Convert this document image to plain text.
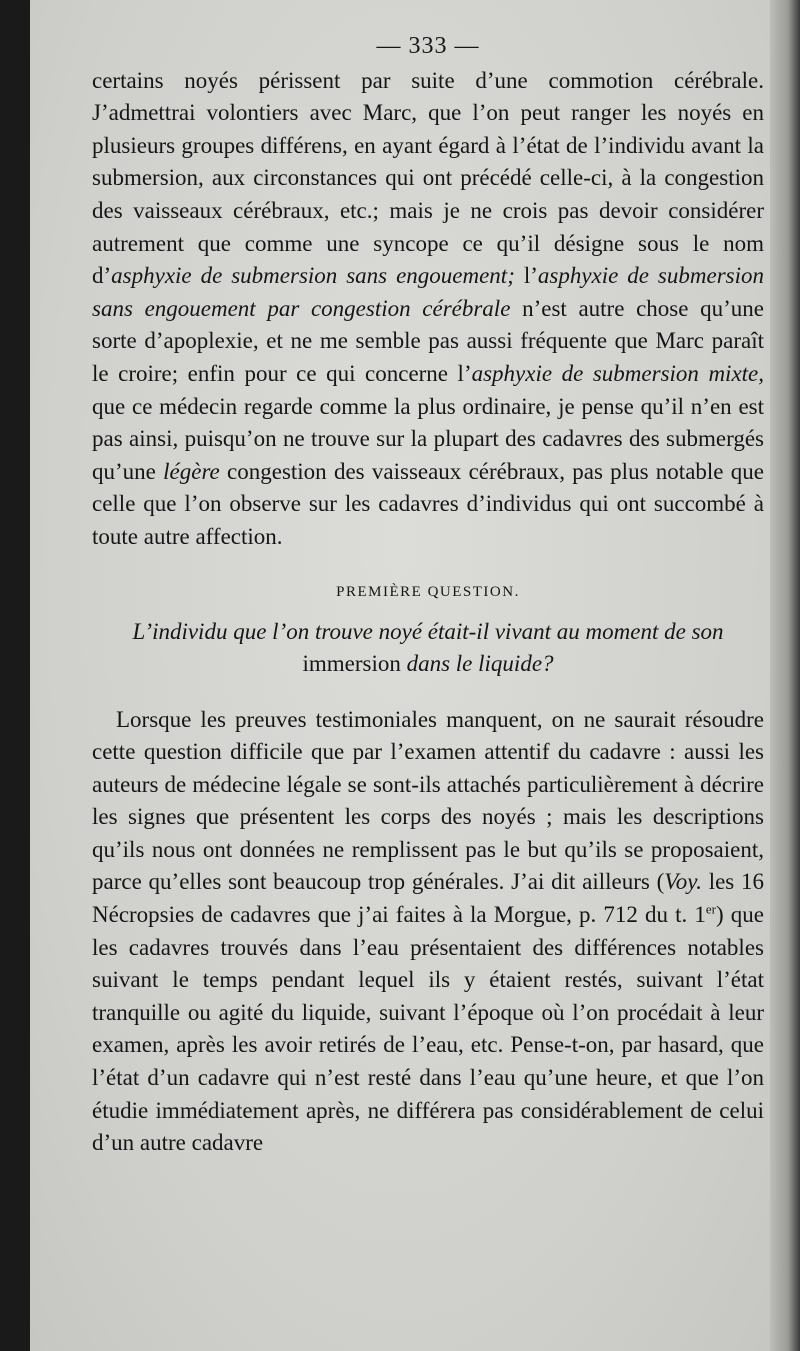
— 333 —

certains noyés périssent par suite d’une commotion cérébrale. J’admettrai volontiers avec Marc, que l’on peut ranger les noyés en plusieurs groupes différens, en ayant égard à l’état de l’individu avant la submersion, aux circonstances qui ont précédé celle-ci, à la congestion des vaisseaux cérébraux, etc.; mais je ne crois pas devoir considérer autrement que comme une syncope ce qu’il désigne sous le nom d’asphyxie de submersion sans engouement; l’asphyxie de submersion sans engouement par congestion cérébrale n’est autre chose qu’une sorte d’apoplexie, et ne me semble pas aussi fréquente que Marc paraît le croire; enfin pour ce qui concerne l’asphyxie de submersion mixte, que ce médecin regarde comme la plus ordinaire, je pense qu’il n’en est pas ainsi, puisqu’on ne trouve sur la plupart des cadavres des submergés qu’une légère congestion des vaisseaux cérébraux, pas plus notable que celle que l’on observe sur les cadavres d’individus qui ont succombé à toute autre affection.

PREMIÈRE QUESTION.
L’individu que l’on trouve noyé était-il vivant au moment de son immersion dans le liquide?

Lorsque les preuves testimoniales manquent, on ne saurait résoudre cette question difficile que par l’examen attentif du cadavre : aussi les auteurs de médecine légale se sont-ils attachés particulièrement à décrire les signes que présentent les corps des noyés ; mais les descriptions qu’ils nous ont données ne remplissent pas le but qu’ils se proposaient, parce qu’elles sont beaucoup trop générales. J’ai dit ailleurs (Voy. les 16 Nécropsies de cadavres que j’ai faites à la Morgue, p. 712 du t. 1er) que les cadavres trouvés dans l’eau présentaient des différences notables suivant le temps pendant lequel ils y étaient restés, suivant l’état tranquille ou agité du liquide, suivant l’époque où l’on procédait à leur examen, après les avoir retirés de l’eau, etc. Pense-t-on, par hasard, que l’état d’un cadavre qui n’est resté dans l’eau qu’une heure, et que l’on étudie immédiatement après, ne différera pas considérablement de celui d’un autre cadavre
